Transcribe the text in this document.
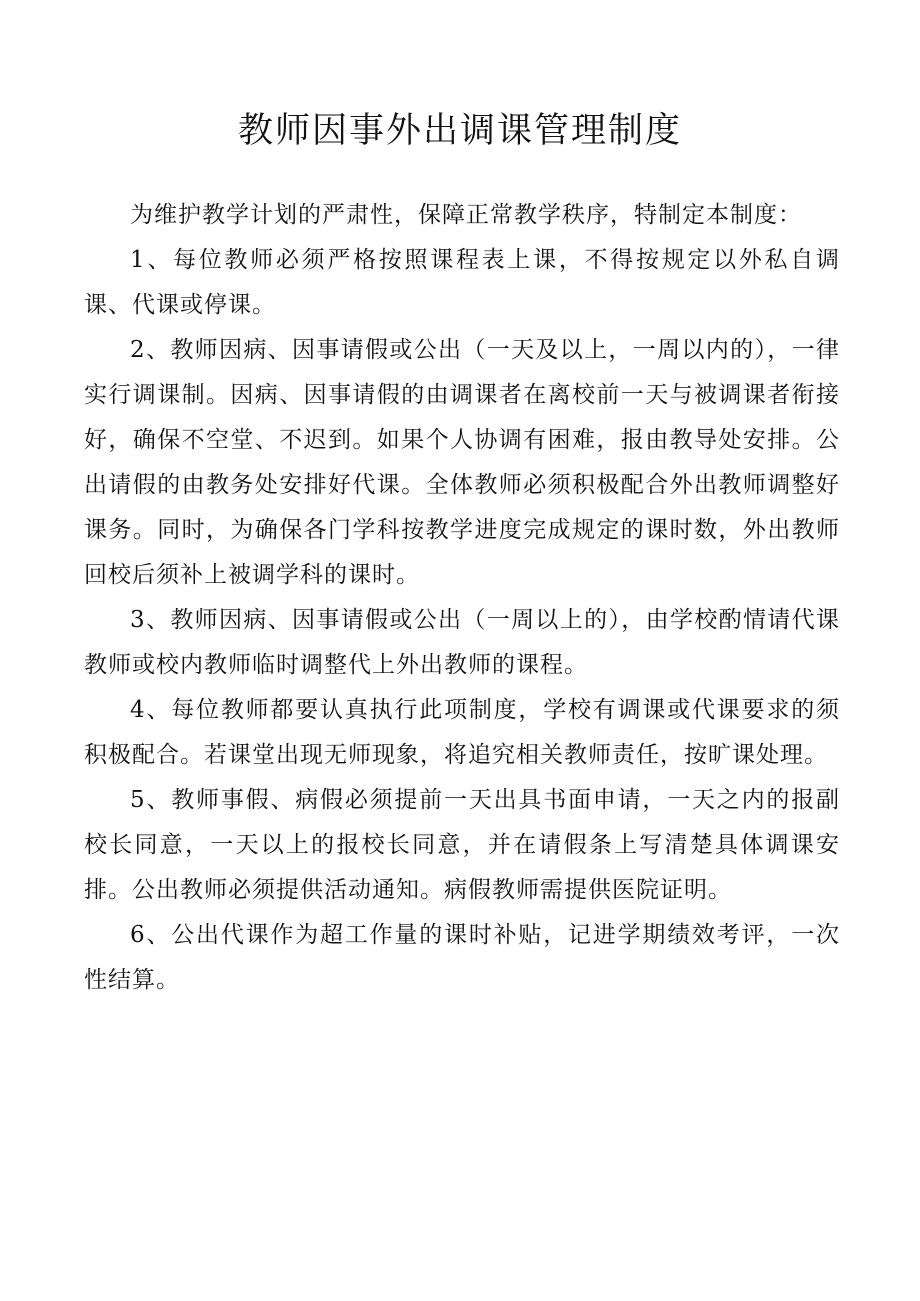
教师因事外出调课管理制度

为维护教学计划的严肃性，保障正常教学秩序，特制定本制度：

1、每位教师必须严格按照课程表上课，不得按规定以外私自调课、代课或停课。

2、教师因病、因事请假或公出（一天及以上，一周以内的），一律实行调课制。因病、因事请假的由调课者在离校前一天与被调课者衔接好，确保不空堂、不迟到。如果个人协调有困难，报由教导处安排。公出请假的由教务处安排好代课。全体教师必须积极配合外出教师调整好课务。同时，为确保各门学科按教学进度完成规定的课时数，外出教师回校后须补上被调学科的课时。

3、教师因病、因事请假或公出（一周以上的），由学校酌情请代课教师或校内教师临时调整代上外出教师的课程。

4、每位教师都要认真执行此项制度，学校有调课或代课要求的须积极配合。若课堂出现无师现象，将追究相关教师责任，按旷课处理。

5、教师事假、病假必须提前一天出具书面申请，一天之内的报副校长同意，一天以上的报校长同意，并在请假条上写清楚具体调课安排。公出教师必须提供活动通知。病假教师需提供医院证明。

6、公出代课作为超工作量的课时补贴，记进学期绩效考评，一次性结算。
